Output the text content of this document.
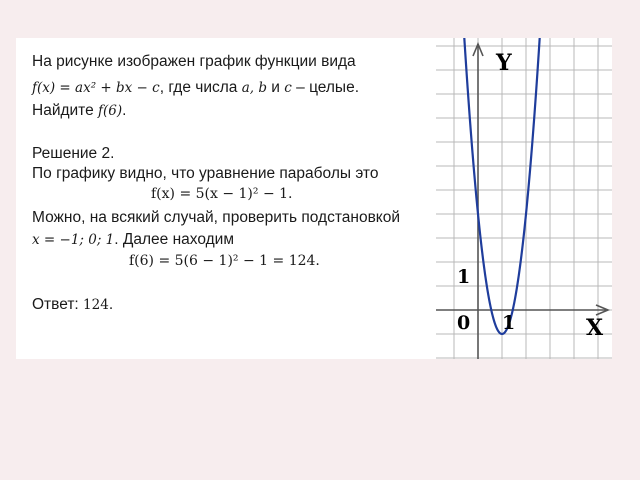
На рисунке изображен график функции вида
f(x) = ax² + bx − c, где числа a, b и c – целые.
Найдите f(6).
Решение 2.
По графику видно, что уравнение параболы это
f(x) = 5(x − 1)² − 1.
Можно, на всякий случай, проверить подстановкой
x = −1; 0; 1. Далее находим
f(6) = 5(6 − 1)² − 1 = 124.
Ответ: 124.
Y
X
0 1
1
